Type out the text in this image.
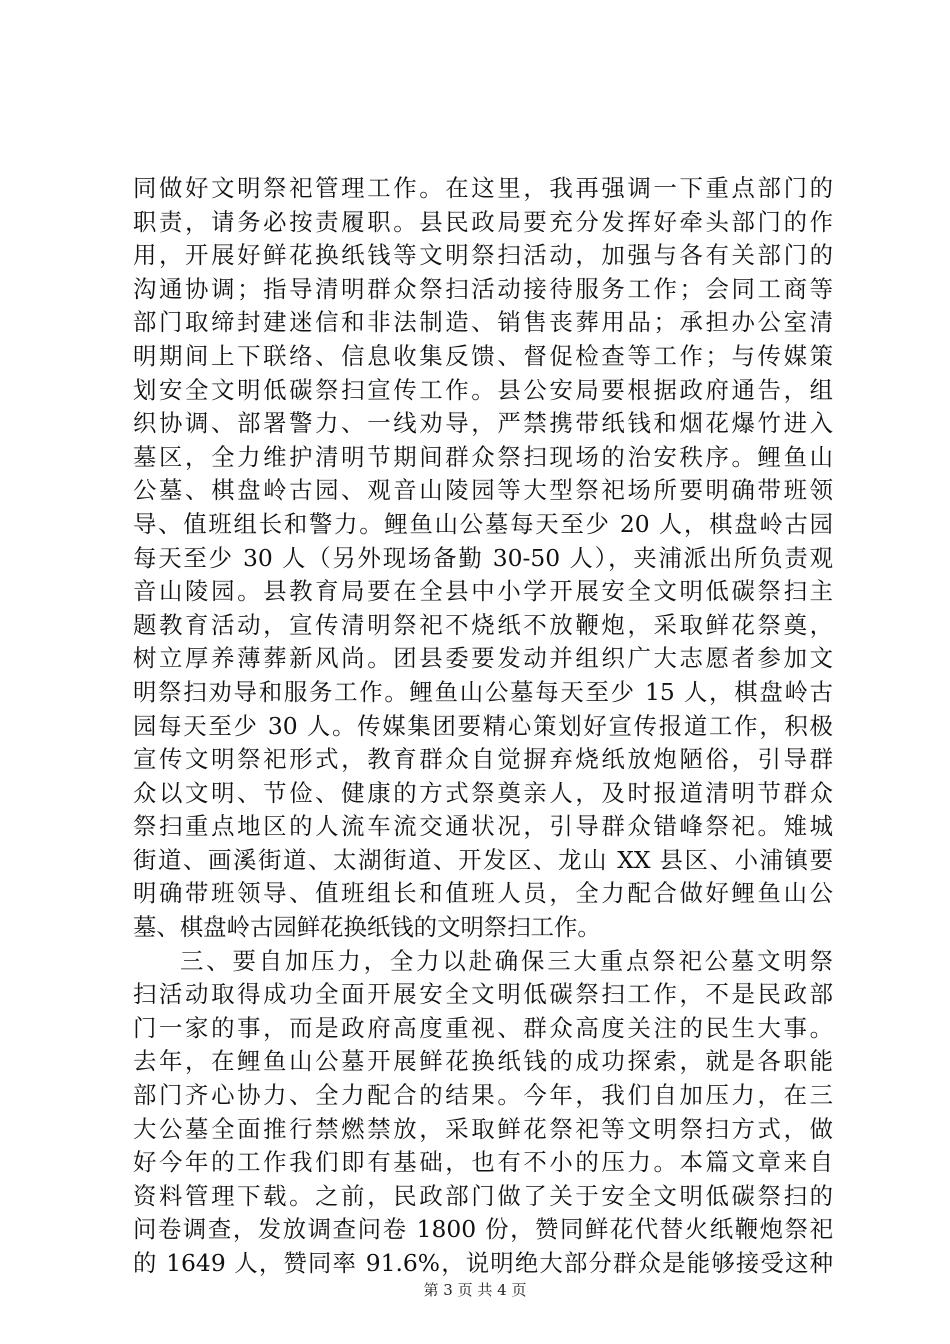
同做好文明祭祀管理工作。在这里，我再强调一下重点部门的
职责，请务必按责履职。县民政局要充分发挥好牵头部门的作
用，开展好鲜花换纸钱等文明祭扫活动，加强与各有关部门的
沟通协调；指导清明群众祭扫活动接待服务工作；会同工商等
部门取缔封建迷信和非法制造、销售丧葬用品；承担办公室清
明期间上下联络、信息收集反馈、督促检查等工作；与传媒策
划安全文明低碳祭扫宣传工作。县公安局要根据政府通告，组
织协调、部署警力、一线劝导，严禁携带纸钱和烟花爆竹进入
墓区，全力维护清明节期间群众祭扫现场的治安秩序。鲤鱼山
公墓、棋盘岭古园、观音山陵园等大型祭祀场所要明确带班领
导、值班组长和警力。鲤鱼山公墓每天至少 20 人，棋盘岭古园
每天至少 30 人（另外现场备勤 30-50 人），夹浦派出所负责观
音山陵园。县教育局要在全县中小学开展安全文明低碳祭扫主
题教育活动，宣传清明祭祀不烧纸不放鞭炮，采取鲜花祭奠，
树立厚养薄葬新风尚。团县委要发动并组织广大志愿者参加文
明祭扫劝导和服务工作。鲤鱼山公墓每天至少 15 人，棋盘岭古
园每天至少 30 人。传媒集团要精心策划好宣传报道工作，积极
宣传文明祭祀形式，教育群众自觉摒弃烧纸放炮陋俗，引导群
众以文明、节俭、健康的方式祭奠亲人，及时报道清明节群众
祭扫重点地区的人流车流交通状况，引导群众错峰祭祀。雉城
街道、画溪街道、太湖街道、开发区、龙山 XX 县区、小浦镇要
明确带班领导、值班组长和值班人员，全力配合做好鲤鱼山公
墓、棋盘岭古园鲜花换纸钱的文明祭扫工作。
三、要自加压力，全力以赴确保三大重点祭祀公墓文明祭
扫活动取得成功全面开展安全文明低碳祭扫工作，不是民政部
门一家的事，而是政府高度重视、群众高度关注的民生大事。
去年，在鲤鱼山公墓开展鲜花换纸钱的成功探索，就是各职能
部门齐心协力、全力配合的结果。今年，我们自加压力，在三
大公墓全面推行禁燃禁放，采取鲜花祭祀等文明祭扫方式，做
好今年的工作我们即有基础，也有不小的压力。本篇文章来自
资料管理下载。之前，民政部门做了关于安全文明低碳祭扫的
问卷调查，发放调查问卷 1800 份，赞同鲜花代替火纸鞭炮祭祀
的 1649 人，赞同率 91.6%，说明绝大部分群众是能够接受这种
第 3 页 共 4 页
